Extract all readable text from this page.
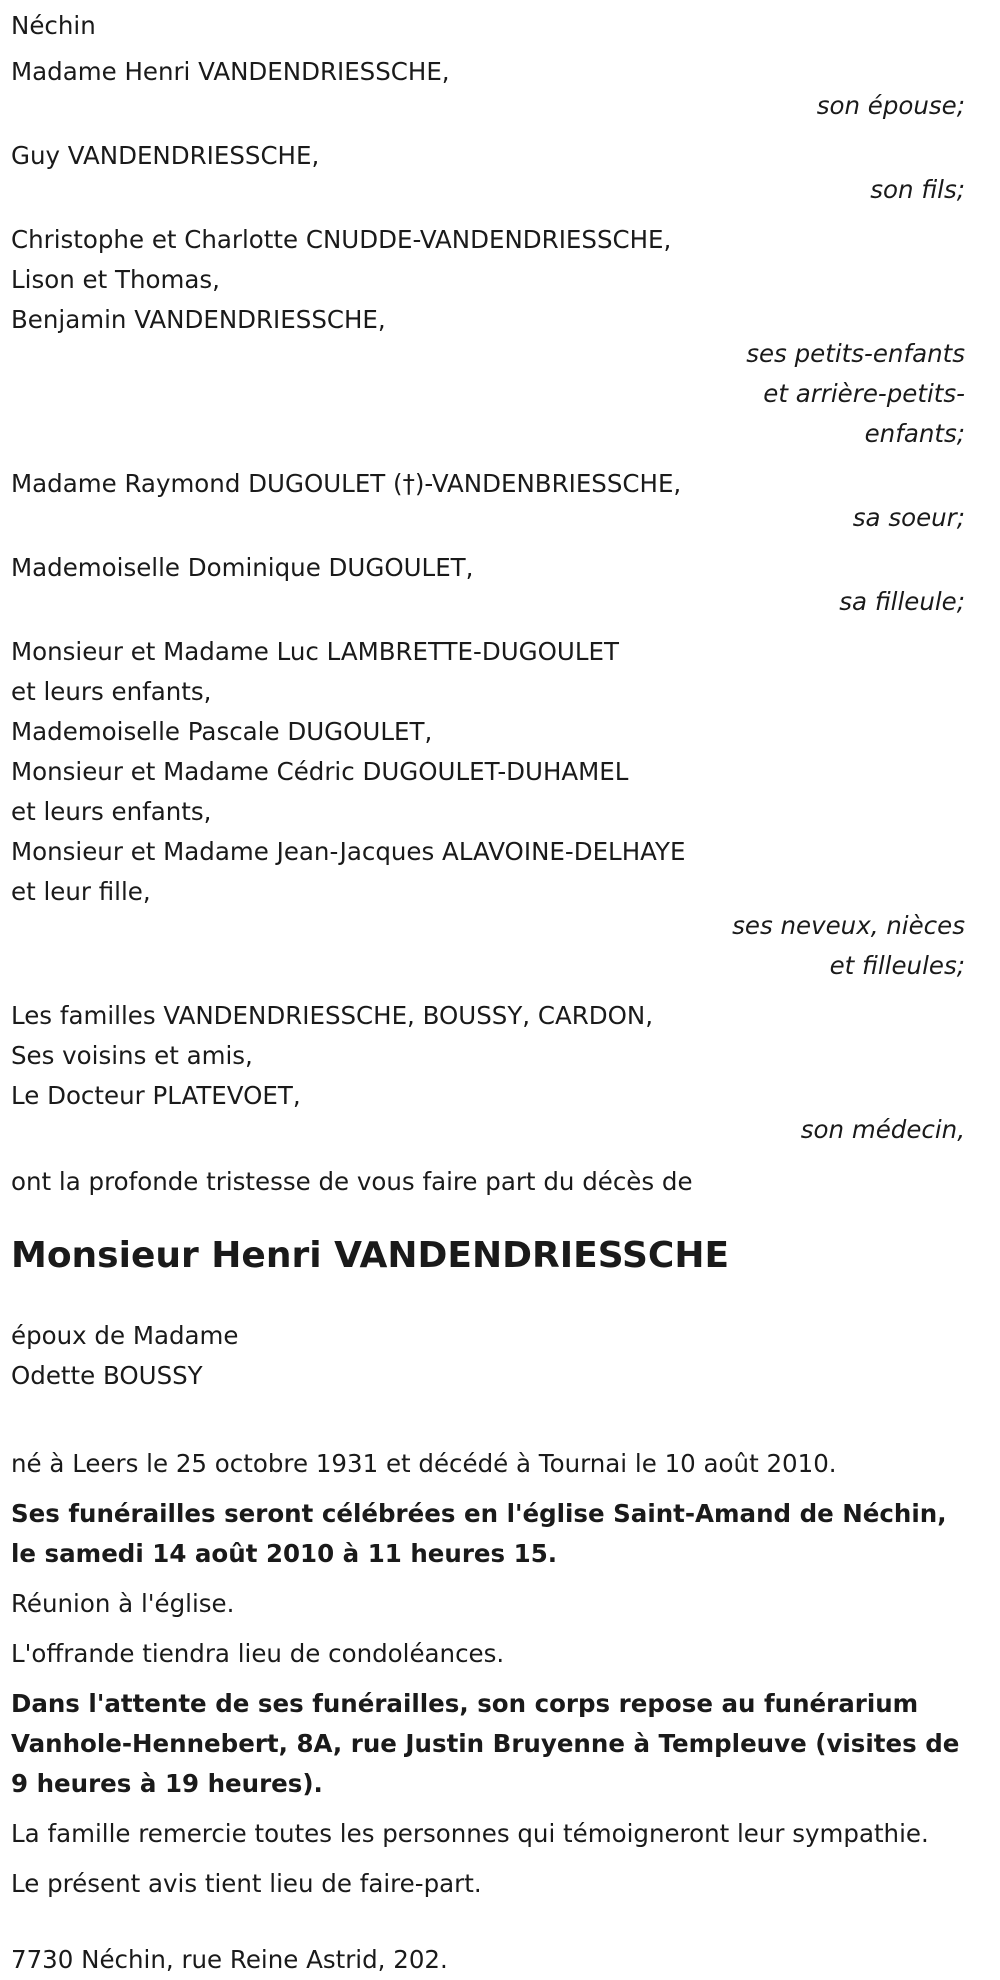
Néchin
Madame Henri VANDENDRIESSCHE,
son épouse;
Guy VANDENDRIESSCHE,
son fils;
Christophe et Charlotte CNUDDE-VANDENDRIESSCHE,
Lison et Thomas,
Benjamin VANDENDRIESSCHE,
ses petits-enfants
et arrière-petits-
enfants;
Madame Raymond DUGOULET (†)-VANDENBRIESSCHE,
sa soeur;
Mademoiselle Dominique DUGOULET,
sa filleule;
Monsieur et Madame Luc LAMBRETTE-DUGOULET
et leurs enfants,
Mademoiselle Pascale DUGOULET,
Monsieur et Madame Cédric DUGOULET-DUHAMEL
et leurs enfants,
Monsieur et Madame Jean-Jacques ALAVOINE-DELHAYE
et leur fille,
ses neveux, nièces
et filleules;
Les familles VANDENDRIESSCHE, BOUSSY, CARDON,
Ses voisins et amis,
Le Docteur PLATEVOET,
son médecin,
ont la profonde tristesse de vous faire part du décès de
Monsieur Henri VANDENDRIESSCHE
époux de Madame
Odette BOUSSY
né à Leers le 25 octobre 1931 et décédé à Tournai le 10 août 2010.
Ses funérailles seront célébrées en l'église Saint-Amand de Néchin, le samedi 14 août 2010 à 11 heures 15.
Réunion à l'église.
L'offrande tiendra lieu de condoléances.
Dans l'attente de ses funérailles, son corps repose au funérarium Vanhole-Hennebert, 8A, rue Justin Bruyenne à Templeuve (visites de 9 heures à 19 heures).
La famille remercie toutes les personnes qui témoigneront leur sympathie.
Le présent avis tient lieu de faire-part.
7730 Néchin, rue Reine Astrid, 202.
